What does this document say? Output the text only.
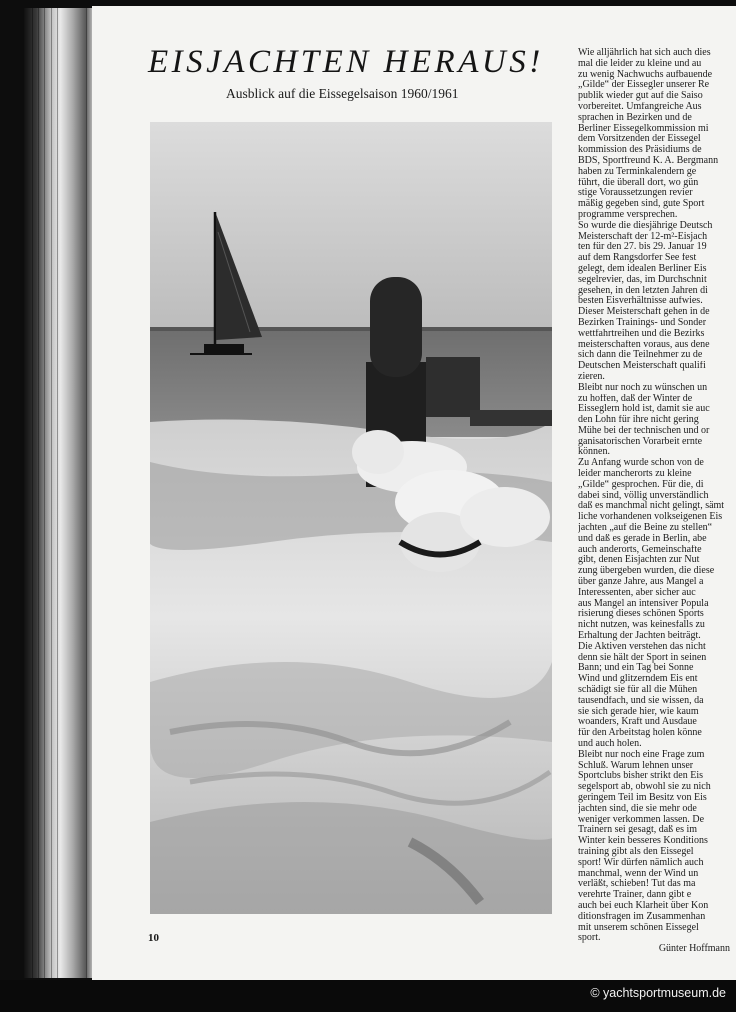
EISJACHTEN HERAUS!

Ausblick auf die Eissegelsaison 1960/1961

10

Wie alljährlich hat sich auch dies
mal die leider zu kleine und au
zu wenig Nachwuchs aufbauende
„Gilde“ der Eissegler unserer Re
publik wieder gut auf die Saiso
vorbereitet. Umfangreiche Aus
sprachen in Bezirken und de
Berliner Eissegelkommission mi
dem Vorsitzenden der Eissegel
kommission des Präsidiums de
BDS, Sportfreund K. A. Bergmann
haben zu Terminkalendern ge
führt, die überall dort, wo gün
stige Voraussetzungen revier
mäßig gegeben sind, gute Sport
programme versprechen.

So wurde die diesjährige Deutsch
Meisterschaft der 12-m²-Eisjach
ten für den 27. bis 29. Januar 19
auf dem Rangsdorfer See fest
gelegt, dem idealen Berliner Eis
segelrevier, das, im Durchschnit
gesehen, in den letzten Jahren di
besten Eisverhältnisse aufwies.
Dieser Meisterschaft gehen in de
Bezirken Trainings- und Sonder
wettfahrtreihen und die Bezirks
meisterschaften voraus, aus dene
sich dann die Teilnehmer zu de
Deutschen Meisterschaft qualifi
zieren.

Bleibt nur noch zu wünschen un
zu hoffen, daß der Winter de
Eisseglern hold ist, damit sie auc
den Lohn für ihre nicht gering
Mühe bei der technischen und or
ganisatorischen Vorarbeit ernte
können.

Zu Anfang wurde schon von de
leider mancherorts zu kleine
„Gilde“ gesprochen. Für die, di
dabei sind, völlig unverständlich
daß es manchmal nicht gelingt, sämt
liche vorhandenen volkseigenen Eis
jachten „auf die Beine zu stellen“
und daß es gerade in Berlin, abe
auch anderorts, Gemeinschafte
gibt, denen Eisjachten zur Nut
zung übergeben wurden, die diese
über ganze Jahre, aus Mangel a
Interessenten, aber sicher auc
aus Mangel an intensiver Popula
risierung dieses schönen Sports
nicht nutzen, was keinesfalls zu
Erhaltung der Jachten beiträgt.

Die Aktiven verstehen das nicht
denn sie hält der Sport in seinen
Bann; und ein Tag bei Sonne
Wind und glitzerndem Eis ent
schädigt sie für all die Mühen
tausendfach, und sie wissen, da
sie sich gerade hier, wie kaum
woanders, Kraft und Ausdaue
für den Arbeitstag holen könne
und auch holen.

Bleibt nur noch eine Frage zum
Schluß. Warum lehnen unser
Sportclubs bisher strikt den Eis
segelsport ab, obwohl sie zu nich
geringem Teil im Besitz von Eis
jachten sind, die sie mehr ode
weniger verkommen lassen. De
Trainern sei gesagt, daß es im
Winter kein besseres Konditions
training gibt als den Eissegel
sport! Wir dürfen nämlich auch
manchmal, wenn der Wind un
verläßt, schieben! Tut das ma
verehrte Trainer, dann gibt e
auch bei euch Klarheit über Kon
ditionsfragen im Zusammenhan
mit unserem schönen Eissegel
sport.

Günter Hoffmann
© yachtsportmuseum.de
